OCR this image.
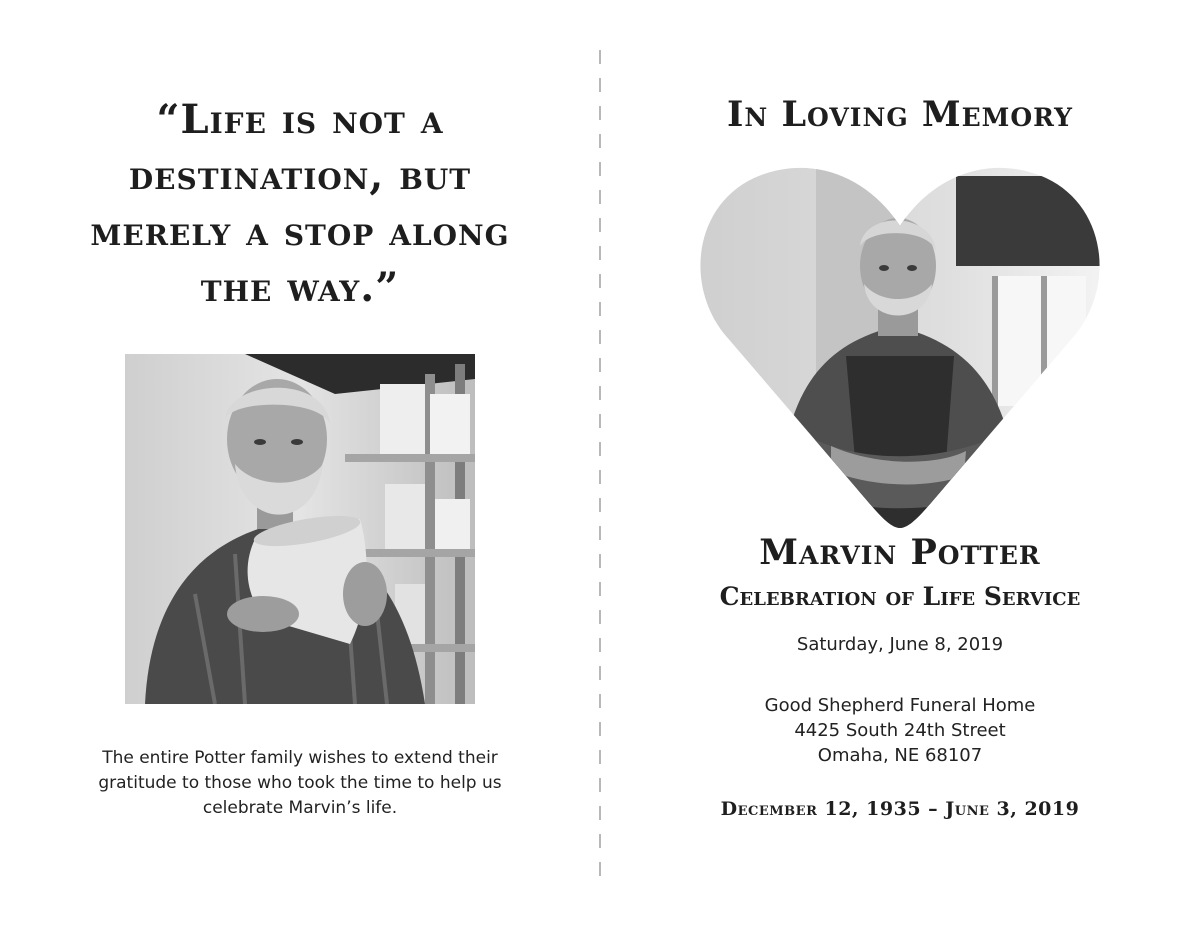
“Life is not a destination, but merely a stop along the way.”

The entire Potter family wishes to extend their gratitude to those who took the time to help us celebrate Marvin’s life.

In Loving Memory
Marvin Potter
Celebration of Life Service

Saturday, June 8, 2019

Good Shepherd Funeral Home
4425 South 24th Street
Omaha, NE 68107

December 12, 1935 – June 3, 2019
